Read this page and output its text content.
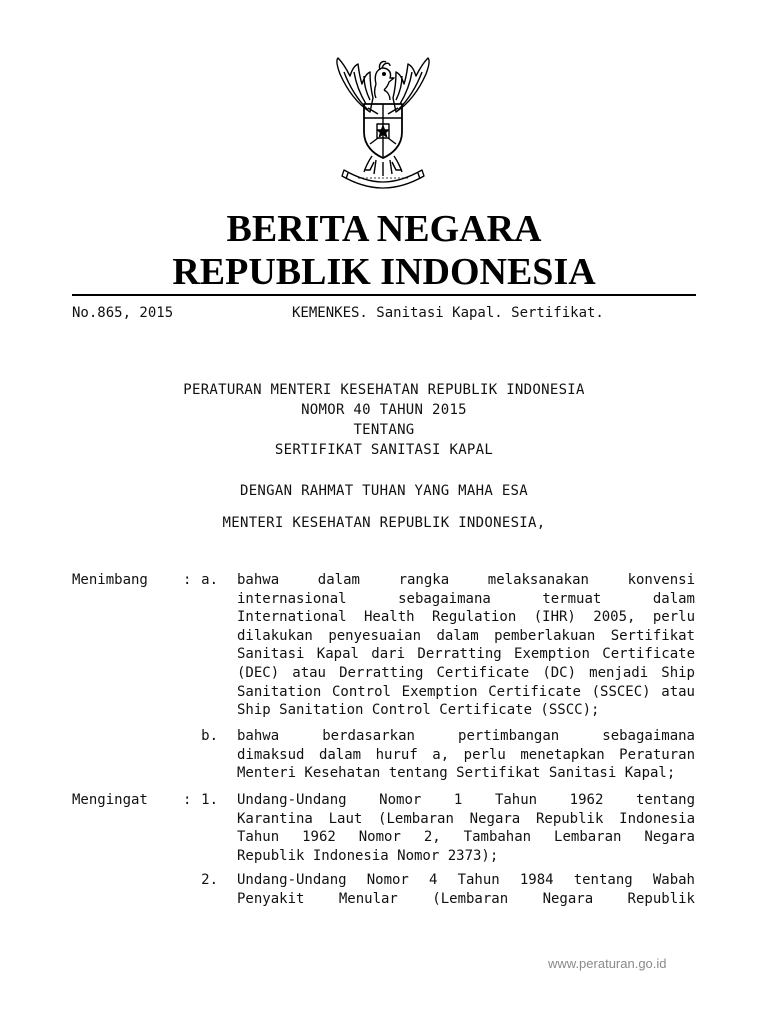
BERITA NEGARA
REPUBLIK INDONESIA
No.865, 2015	KEMENKES. Sanitasi Kapal. Sertifikat.
PERATURAN MENTERI KESEHATAN REPUBLIK INDONESIA
NOMOR 40 TAHUN 2015
TENTANG
SERTIFIKAT SANITASI KAPAL
DENGAN RAHMAT TUHAN YANG MAHA ESA
MENTERI KESEHATAN REPUBLIK INDONESIA,
Menimbang	: a. bahwa dalam rangka melaksanakan konvensi
internasional sebagaimana termuat dalam
International Health Regulation (IHR) 2005, perlu
dilakukan penyesuaian dalam pemberlakuan Sertifikat
Sanitasi Kapal dari Derratting Exemption Certificate
(DEC) atau Derratting Certificate (DC) menjadi Ship
Sanitation Control Exemption Certificate (SSCEC) atau
Ship Sanitation Control Certificate (SSCC);
b. bahwa berdasarkan pertimbangan sebagaimana
dimaksud dalam huruf a, perlu menetapkan Peraturan
Menteri Kesehatan tentang Sertifikat Sanitasi Kapal;
Mengingat	: 1. Undang-Undang Nomor 1 Tahun 1962 tentang
Karantina Laut (Lembaran Negara Republik Indonesia
Tahun 1962 Nomor 2, Tambahan Lembaran Negara
Republik Indonesia Nomor 2373);
2. Undang-Undang Nomor 4 Tahun 1984 tentang Wabah
Penyakit Menular (Lembaran Negara Republik
www.peraturan.go.id
